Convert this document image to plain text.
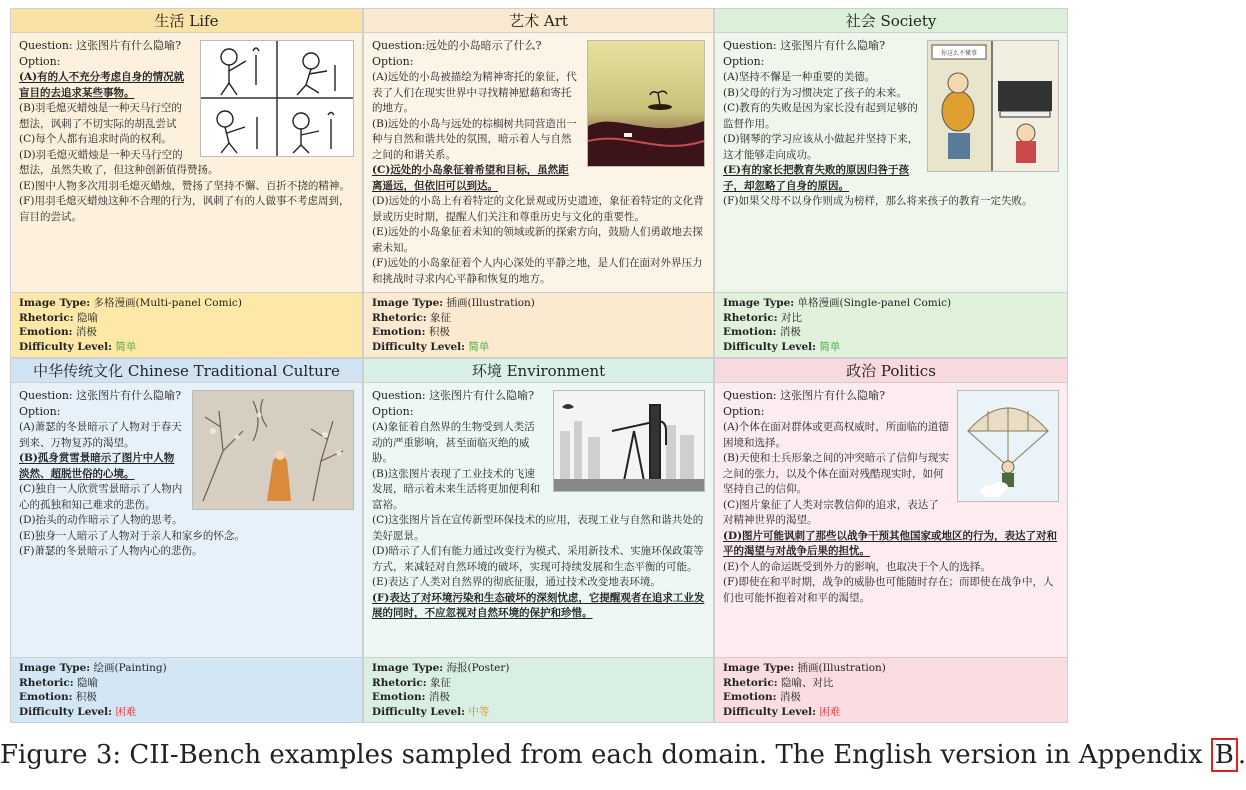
生活 Life
Question: 这张图片有什么隐喻?
Option:

(A)有的人不充分考虑自身的情况就盲目的去追求某些事物。

(B)羽毛熄灭蜡烛是一种天马行空的想法，讽刺了不切实际的胡乱尝试

(C)每个人都有追求时尚的权利。

(D)羽毛熄灭蜡烛是一种天马行空的想法，虽然失败了，但这种创新值得赞扬。

(E)图中人物多次用羽毛熄灭蜡烛，赞扬了坚持不懈、百折不挠的精神。

(F)用羽毛熄灭蜡烛这种不合理的行为，讽刺了有的人做事不考虑周到，盲目的尝试。

Image Type: 多格漫画(Multi-panel Comic)
Rhetoric: 隐喻
Emotion: 消极
Difficulty Level: 简单
艺术 Art
Question:远处的小岛暗示了什么?
Option:

(A)远处的小岛被描绘为精神寄托的象征，代表了人们在现实世界中寻找精神慰藉和寄托的地方。

(B)远处的小岛与远处的棕榈树共同营造出一种与自然和谐共处的氛围，暗示着人与自然之间的和谐关系。

(C)远处的小岛象征着希望和目标，虽然距离遥远，但依旧可以到达。

(D)远处的小岛上有着特定的文化景观或历史遗迹，象征着特定的文化背景或历史时期，提醒人们关注和尊重历史与文化的重要性。

(E)远处的小岛象征着未知的领域或新的探索方向，鼓励人们勇敢地去探索未知。

(F)远处的小岛象征着个人内心深处的平静之地，是人们在面对外界压力和挑战时寻求内心平静和恢复的地方。

Image Type: 插画(Illustration)
Rhetoric: 象征
Emotion: 积极
Difficulty Level: 简单
社会 Society
你这么不懂事
Question: 这张图片有什么隐喻?
Option:

(A)坚持不懈是一种重要的美德。

(B)父母的行为习惯决定了孩子的未来。

(C)教育的失败是因为家长没有起到足够的监督作用。

(D)钢琴的学习应该从小做起并坚持下来，这才能够走向成功。

(E)有的家长把教育失败的原因归咎于孩子，却忽略了自身的原因。

(F)如果父母不以身作则成为榜样，那么将来孩子的教育一定失败。

Image Type: 单格漫画(Single-panel Comic)
Rhetoric: 对比
Emotion: 消极
Difficulty Level: 简单
中华传统文化 Chinese Traditional Culture
Question: 这张图片有什么隐喻?
Option:

(A)萧瑟的冬景暗示了人物对于春天到来、万物复苏的渴望。

(B)孤身赏雪景暗示了图片中人物淡然、超脱世俗的心境。

(C)独自一人欣赏雪景暗示了人物内心的孤独和知己难求的悲伤。

(D)抬头的动作暗示了人物的思考。

(E)独身一人暗示了人物对于亲人和家乡的怀念。

(F)萧瑟的冬景暗示了人物内心的悲伤。

Image Type: 绘画(Painting)
Rhetoric: 隐喻
Emotion: 积极
Difficulty Level: 困难
环境 Environment
Question: 这张图片有什么隐喻?
Option:

(A)象征着自然界的生物受到人类活动的严重影响，甚至面临灭绝的威胁。

(B)这张图片表现了工业技术的飞速发展，暗示着未来生活将更加便利和富裕。

(C)这张图片旨在宣传新型环保技术的应用，表现工业与自然和谐共处的美好愿景。

(D)暗示了人们有能力通过改变行为模式、采用新技术、实施环保政策等方式，来减轻对自然环境的破坏，实现可持续发展和生态平衡的可能。

(E)表达了人类对自然界的彻底征服，通过技术改变地表环境。

(F)表达了对环境污染和生态破坏的深刻忧虑，它提醒观者在追求工业发展的同时，不应忽视对自然环境的保护和珍惜。

Image Type: 海报(Poster)
Rhetoric: 象征
Emotion: 消极
Difficulty Level: 中等
政治 Politics
Question: 这张图片有什么隐喻?
Option:

(A)个体在面对群体或更高权威时，所面临的道德困境和选择。

(B)天使和士兵形象之间的冲突暗示了信仰与现实之间的张力，以及个体在面对残酷现实时，如何坚持自己的信仰。

(C)图片象征了人类对宗教信仰的追求，表达了对精神世界的渴望。

(D)图片可能讽刺了那些以战争干预其他国家或地区的行为，表达了对和平的渴望与对战争后果的担忧。

(E)个人的命运既受到外力的影响，也取决于个人的选择。

(F)即使在和平时期，战争的威胁也可能随时存在；而即使在战争中，人们也可能怀抱着对和平的渴望。

Image Type: 插画(Illustration)
Rhetoric: 隐喻、对比
Emotion: 消极
Difficulty Level: 困难
Figure 3: CII-Bench examples sampled from each domain. The English version in Appendix B .
